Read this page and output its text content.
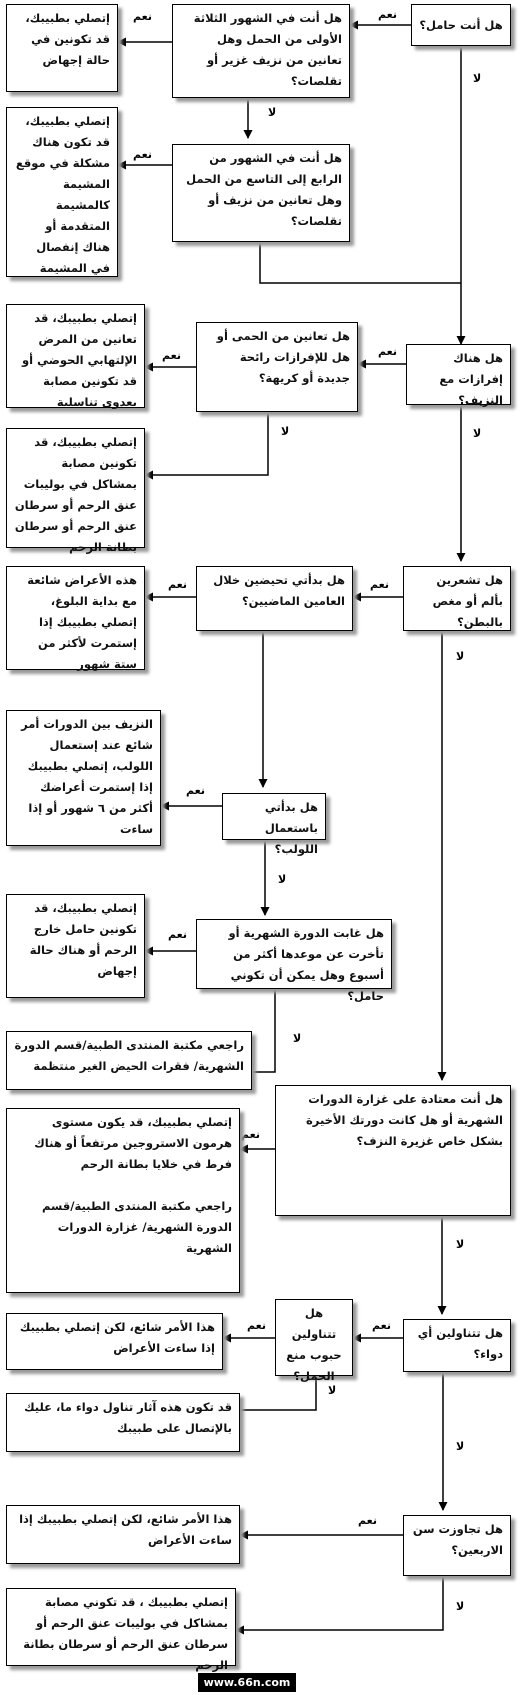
نعم
نعم
نعم
نعم
نعم
نعم
نعم
نعم
نعم
نعم
نعم
نعم
نعم
لا
لا
لا
لا
لا
لا
لا
لا
لا
لا
لا
هل أنت حامل؟
هل أنت في الشهور الثلاثة الأولى من الحمل وهل تعانين من نزيف غزير أو تقلصات؟
هل أنت في الشهور من الرابع إلى التاسع من الحمل وهل تعانين من نزيف أو تقلصات؟
هل هناك إفرازات مع النزيف؟
هل تعانين من الحمى أو هل للإفرازات رائحة جديدة أو كريهة؟
هل تشعرين بألم أو مغص بالبطن؟
هل بدأتي تحيضين خلال العامين الماضيين؟
هل بدأتي باستعمال اللولب؟
هل غابت الدورة الشهرية أو تأخرت عن موعدها أكثر من أسبوع وهل يمكن أن تكوني حامل؟
هل أنت معتادة على غزارة الدورات الشهرية أو هل كانت دورتك الأخيرة بشكل خاص غزيرة النزف؟
هل تتناولين أي دواء؟
هل تتناولين حبوب منع الحمل؟
هل تجاوزت سن الاربعين؟
إتصلي بطبيبك، قد تكونين في حالة إجهاض
إتصلي بطبيبك، قد تكون هناك مشكلة في موقع المشيمة كالمشيمة المتقدمة أو هناك إنفصال في المشيمة
إتصلي بطبيبك، قد تعانين من المرض الإلتهابي الحوضي أو قد تكونين مصابة بعدوى تناسلية
إتصلي بطبيبك، قد تكونين مصابة بمشاكل في بوليبات عنق الرحم أو سرطان عنق الرحم أو سرطان بطانة الرحم
هذه الأعراض شائعة مع بداية البلوغ، إتصلي بطبيبك إذا إستمرت لأكثر من ستة شهور
النزيف بين الدورات أمر شائع عند إستعمال اللولب، إتصلي بطبيبك إذا إستمرت أعراضك أكثر من ٦ شهور أو إذا ساءت
إتصلي بطبيبك، قد تكونين حامل خارج الرحم أو هناك حالة إجهاض
راجعي مكتبة المنتدى الطبية/قسم الدورة الشهرية/ فقرات الحيض الغير منتظمة
إتصلي بطبيبك، قد يكون مستوى هرمون الاستروجين مرتفعاً أو هناك فرط في خلايا بطانة الرحم

راجعي مكتبة المنتدى الطبية/قسم الدورة الشهرية/ غزارة الدورات الشهرية
هذا الأمر شائع، لكن إتصلي بطبيبك إذا ساءت الأعراض
قد تكون هذه آثار تناول دواء ما، عليك بالإتصال على طبيبك
هذا الأمر شائع، لكن إتصلي بطبيبك إذا ساءت الأعراض
إتصلي بطبيبك ، قد تكوني مصابة بمشاكل في بوليبات عنق الرحم أو سرطان عنق الرحم أو سرطان بطانة الرحم
www.66n.com
